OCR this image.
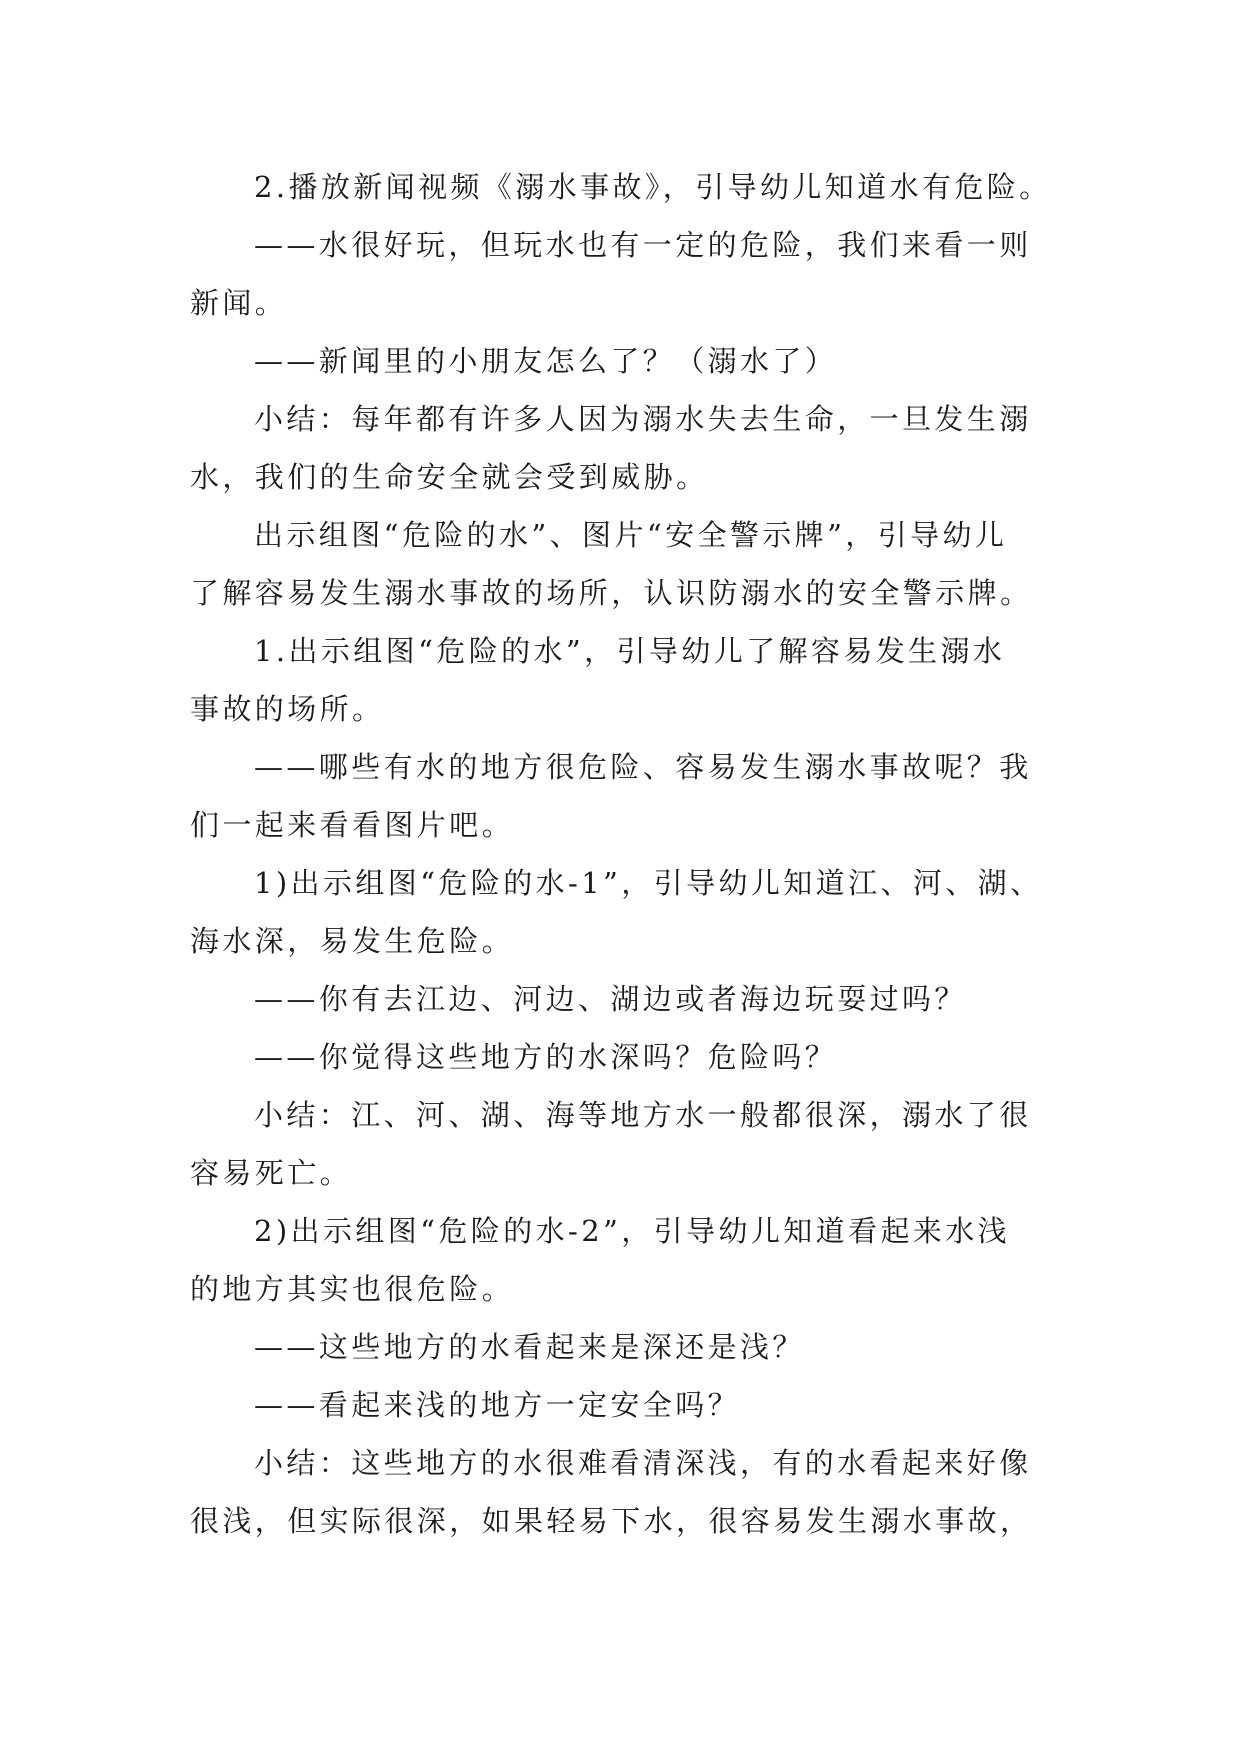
2.播放新闻视频《溺水事故》，引导幼儿知道水有危险。
——水很好玩，但玩水也有一定的危险，我们来看一则
新闻。
——新闻里的小朋友怎么了？（溺水了）
小结：每年都有许多人因为溺水失去生命，一旦发生溺
水，我们的生命安全就会受到威胁。
出示组图“危险的水”、图片“安全警示牌”，引导幼儿
了解容易发生溺水事故的场所，认识防溺水的安全警示牌。
1.出示组图“危险的水”，引导幼儿了解容易发生溺水
事故的场所。
——哪些有水的地方很危险、容易发生溺水事故呢？我
们一起来看看图片吧。
1)出示组图“危险的水-1”，引导幼儿知道江、河、湖、
海水深，易发生危险。
——你有去江边、河边、湖边或者海边玩耍过吗？
——你觉得这些地方的水深吗？危险吗？
小结：江、河、湖、海等地方水一般都很深，溺水了很
容易死亡。
2)出示组图“危险的水-2”，引导幼儿知道看起来水浅
的地方其实也很危险。
——这些地方的水看起来是深还是浅？
——看起来浅的地方一定安全吗？
小结：这些地方的水很难看清深浅，有的水看起来好像
很浅，但实际很深，如果轻易下水，很容易发生溺水事故，
